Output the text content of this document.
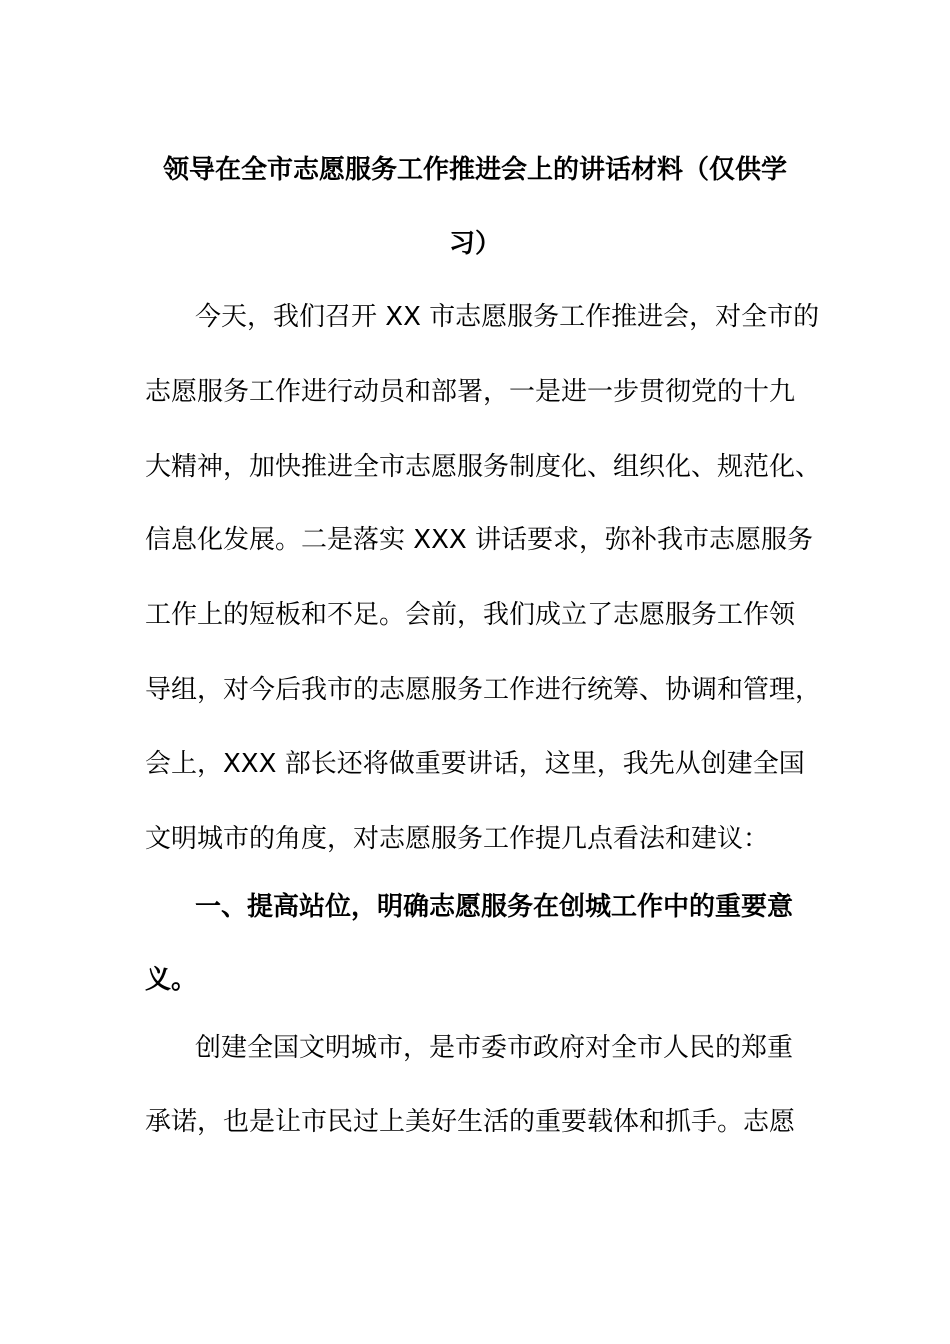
领导在全市志愿服务工作推进会上的讲话材料（仅供学
习）
今天，我们召开 XX 市志愿服务工作推进会，对全市的
志愿服务工作进行动员和部署，一是进一步贯彻党的十九
大精神，加快推进全市志愿服务制度化、组织化、规范化、
信息化发展。二是落实 XXX 讲话要求，弥补我市志愿服务
工作上的短板和不足。会前，我们成立了志愿服务工作领
导组，对今后我市的志愿服务工作进行统筹、协调和管理，
会上，XXX 部长还将做重要讲话，这里，我先从创建全国
文明城市的角度，对志愿服务工作提几点看法和建议：
一、提高站位，明确志愿服务在创城工作中的重要意
义。
创建全国文明城市，是市委市政府对全市人民的郑重
承诺，也是让市民过上美好生活的重要载体和抓手。志愿
